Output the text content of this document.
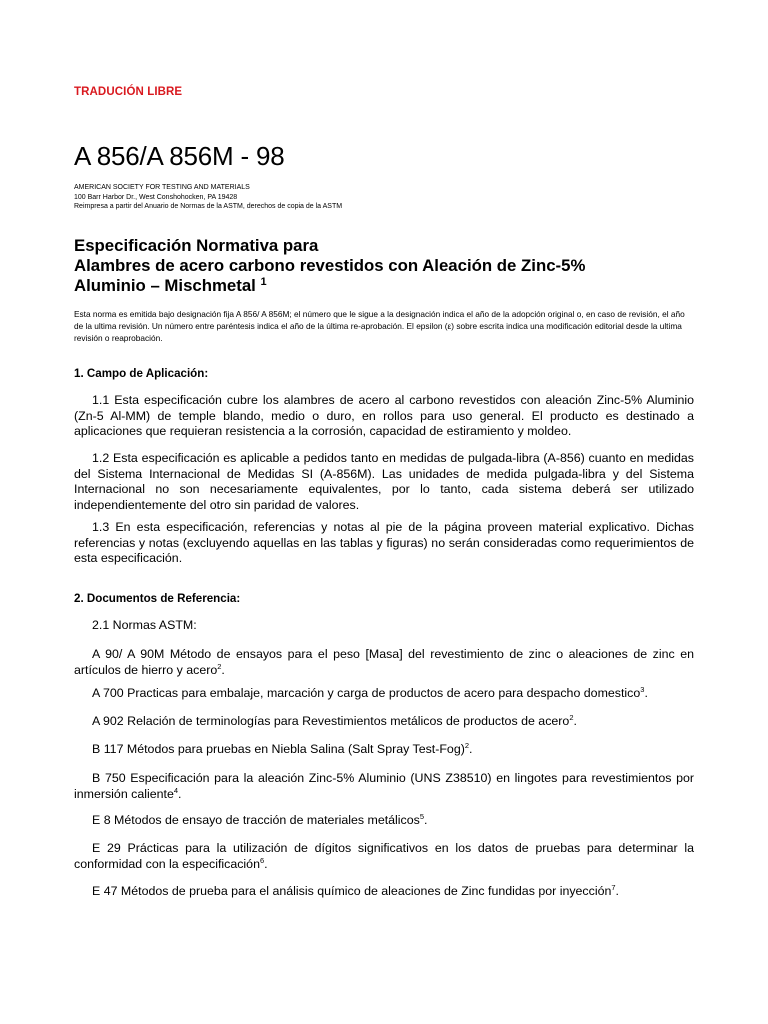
TRADUCIÓN LIBRE
A 856/A 856M - 98
AMERICAN SOCIETY FOR TESTING AND MATERIALS
100 Barr Harbor Dr., West Conshohocken, PA 19428
Reimpresa a partir del Anuario de Normas de la ASTM, derechos de copia de la ASTM
Especificación Normativa para
Alambres de acero carbono revestidos con Aleación de Zinc-5%
Aluminio – Mischmetal $^1$
Esta norma es emitida bajo designación fija A 856/ A 856M; el número que le sigue a la designación indica el año de la adopción original o, en caso de revisión, el año de la ultima revisión. Un número entre paréntesis indica el año de la última re-aprobación. El epsilon (ε) sobre escrita indica una modificación editorial desde la ultima revisión o reaprobación.
1. Campo de Aplicación:
1.1 Esta especificación cubre los alambres de acero al carbono revestidos con aleación Zinc-5% Aluminio (Zn-5 Al-MM) de temple blando, medio o duro, en rollos para uso general. El producto es destinado a aplicaciones que requieran resistencia a la corrosión, capacidad de estiramiento y moldeo.
1.2 Esta especificación es aplicable a pedidos tanto en medidas de pulgada-libra (A-856) cuanto en medidas del Sistema Internacional de Medidas SI (A-856M). Las unidades de medida pulgada-libra y del Sistema Internacional no son necesariamente equivalentes, por lo tanto, cada sistema deberá ser utilizado independientemente del otro sin paridad de valores.
1.3 En esta especificación, referencias y notas al pie de la página proveen material explicativo. Dichas referencias y notas (excluyendo aquellas en las tablas y figuras) no serán consideradas como requerimientos de esta especificación.
2. Documentos de Referencia:
2.1 Normas ASTM:
A 90/ A 90M Método de ensayos para el peso [Masa] del revestimiento de zinc o aleaciones de zinc en artículos de hierro y acero$^2$.
A 700 Practicas para embalaje, marcación y carga de productos de acero para despacho domestico$^3$.
A 902 Relación de terminologías para Revestimientos metálicos de productos de acero$^2$.
B 117 Métodos para pruebas en Niebla Salina (Salt Spray Test-Fog)$^2$.
B 750 Especificación para la aleación Zinc-5% Aluminio (UNS Z38510) en lingotes para revestimientos por inmersión caliente$^4$.
E 8 Métodos de ensayo de tracción de materiales metálicos$^5$.
E 29 Prácticas para la utilización de dígitos significativos en los datos de pruebas para determinar la conformidad con la especificación$^6$.
E 47 Métodos de prueba para el análisis químico de aleaciones de Zinc fundidas por inyección$^7$.
